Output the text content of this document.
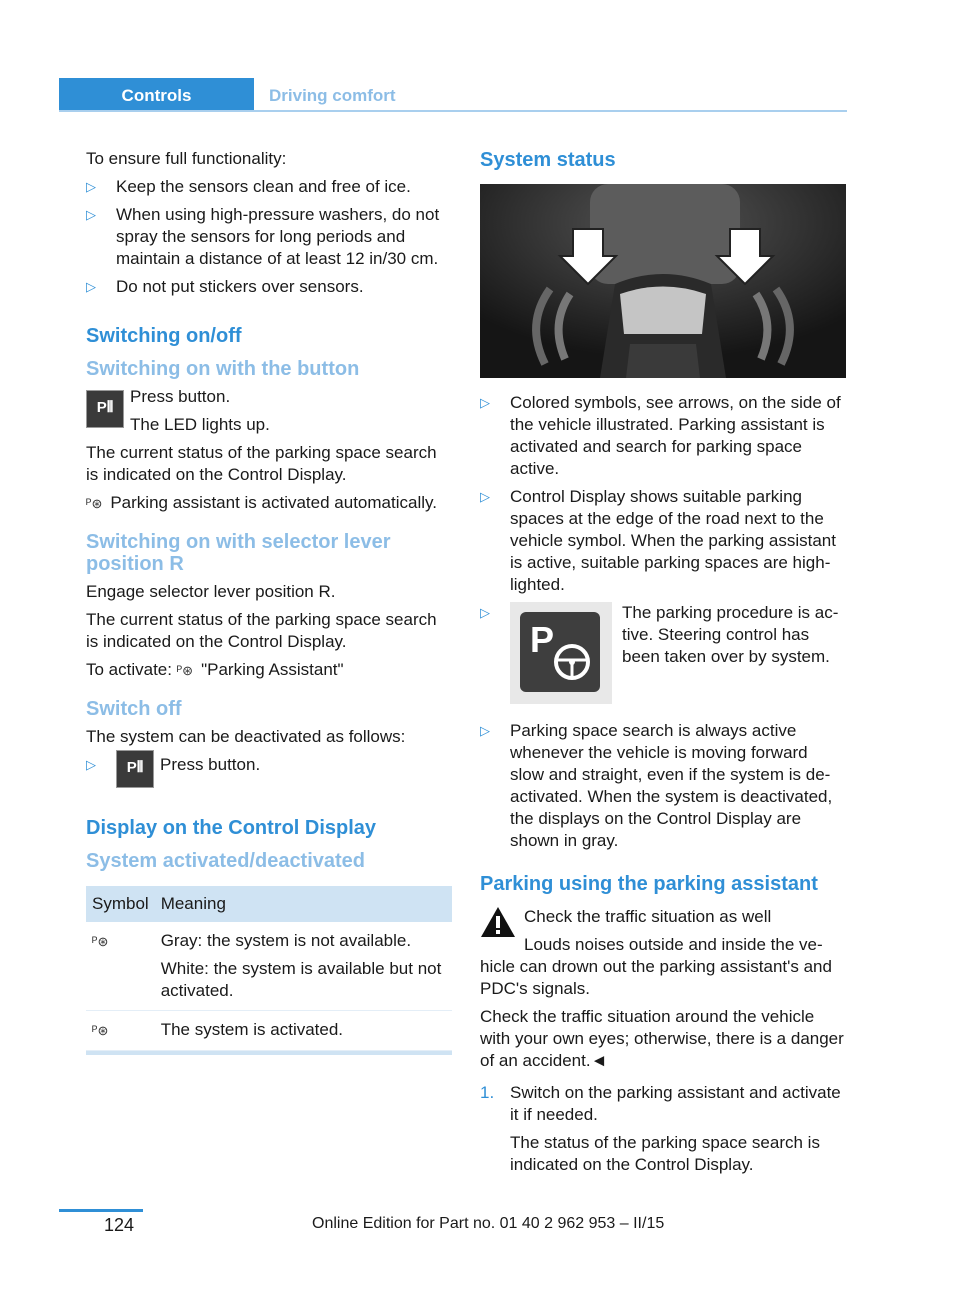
Controls	Driving comfort

To ensure full functionality:

▷ Keep the sensors clean and free of ice.
▷ When using high-pressure washers, do not spray the sensors for long periods and maintain a distance of at least 12 in/30 cm.
▷ Do not put stickers over sensors.
Switching on/off
Switching on with the button
P⦀

Press button.

The LED lights up.

The current status of the parking space search is indicated on the Control Display.

ᴾ⊛ Parking assistant is activated automatically.

Switching on with selector lever position R

Engage selector lever position R.

The current status of the parking space search is indicated on the Control Display.

To activate: ᴾ⊛ "Parking Assistant"

Switch off

The system can be deactivated as follows:

▷	P⦀ Press button.
Display on the Control Display
System activated/deactivated
Symbol	Meaning
ᴾ⊛	Gray: the system is not available.

White: the system is available but not activated.

ᴾ⊛	The system is activated.
System status
▷ Colored symbols, see arrows, on the side of the vehicle illustrated. Parking assistant is activated and search for parking space active.
▷ Control Display shows suitable parking spaces at the edge of the road next to the vehicle symbol. When the parking assistant is active, suitable parking spaces are highlighted.
▷
P
The parking procedure is active. Steering control has been taken over by system.
▷ Parking space search is always active whenever the vehicle is moving forward slow and straight, even if the system is deactivated. When the system is deactivated, the displays on the Control Display are shown in gray.
Parking using the parking assistant

Check the traffic situation as well

Louds noises outside and inside the vehicle can drown out the parking assistant's and PDC's signals.

Check the traffic situation around the vehicle with your own eyes; otherwise, there is a danger of an accident.◄

1. Switch on the parking assistant and activate it if needed.

The status of the parking space search is indicated on the Control Display.

124	Online Edition for Part no. 01 40 2 962 953 – II/15
